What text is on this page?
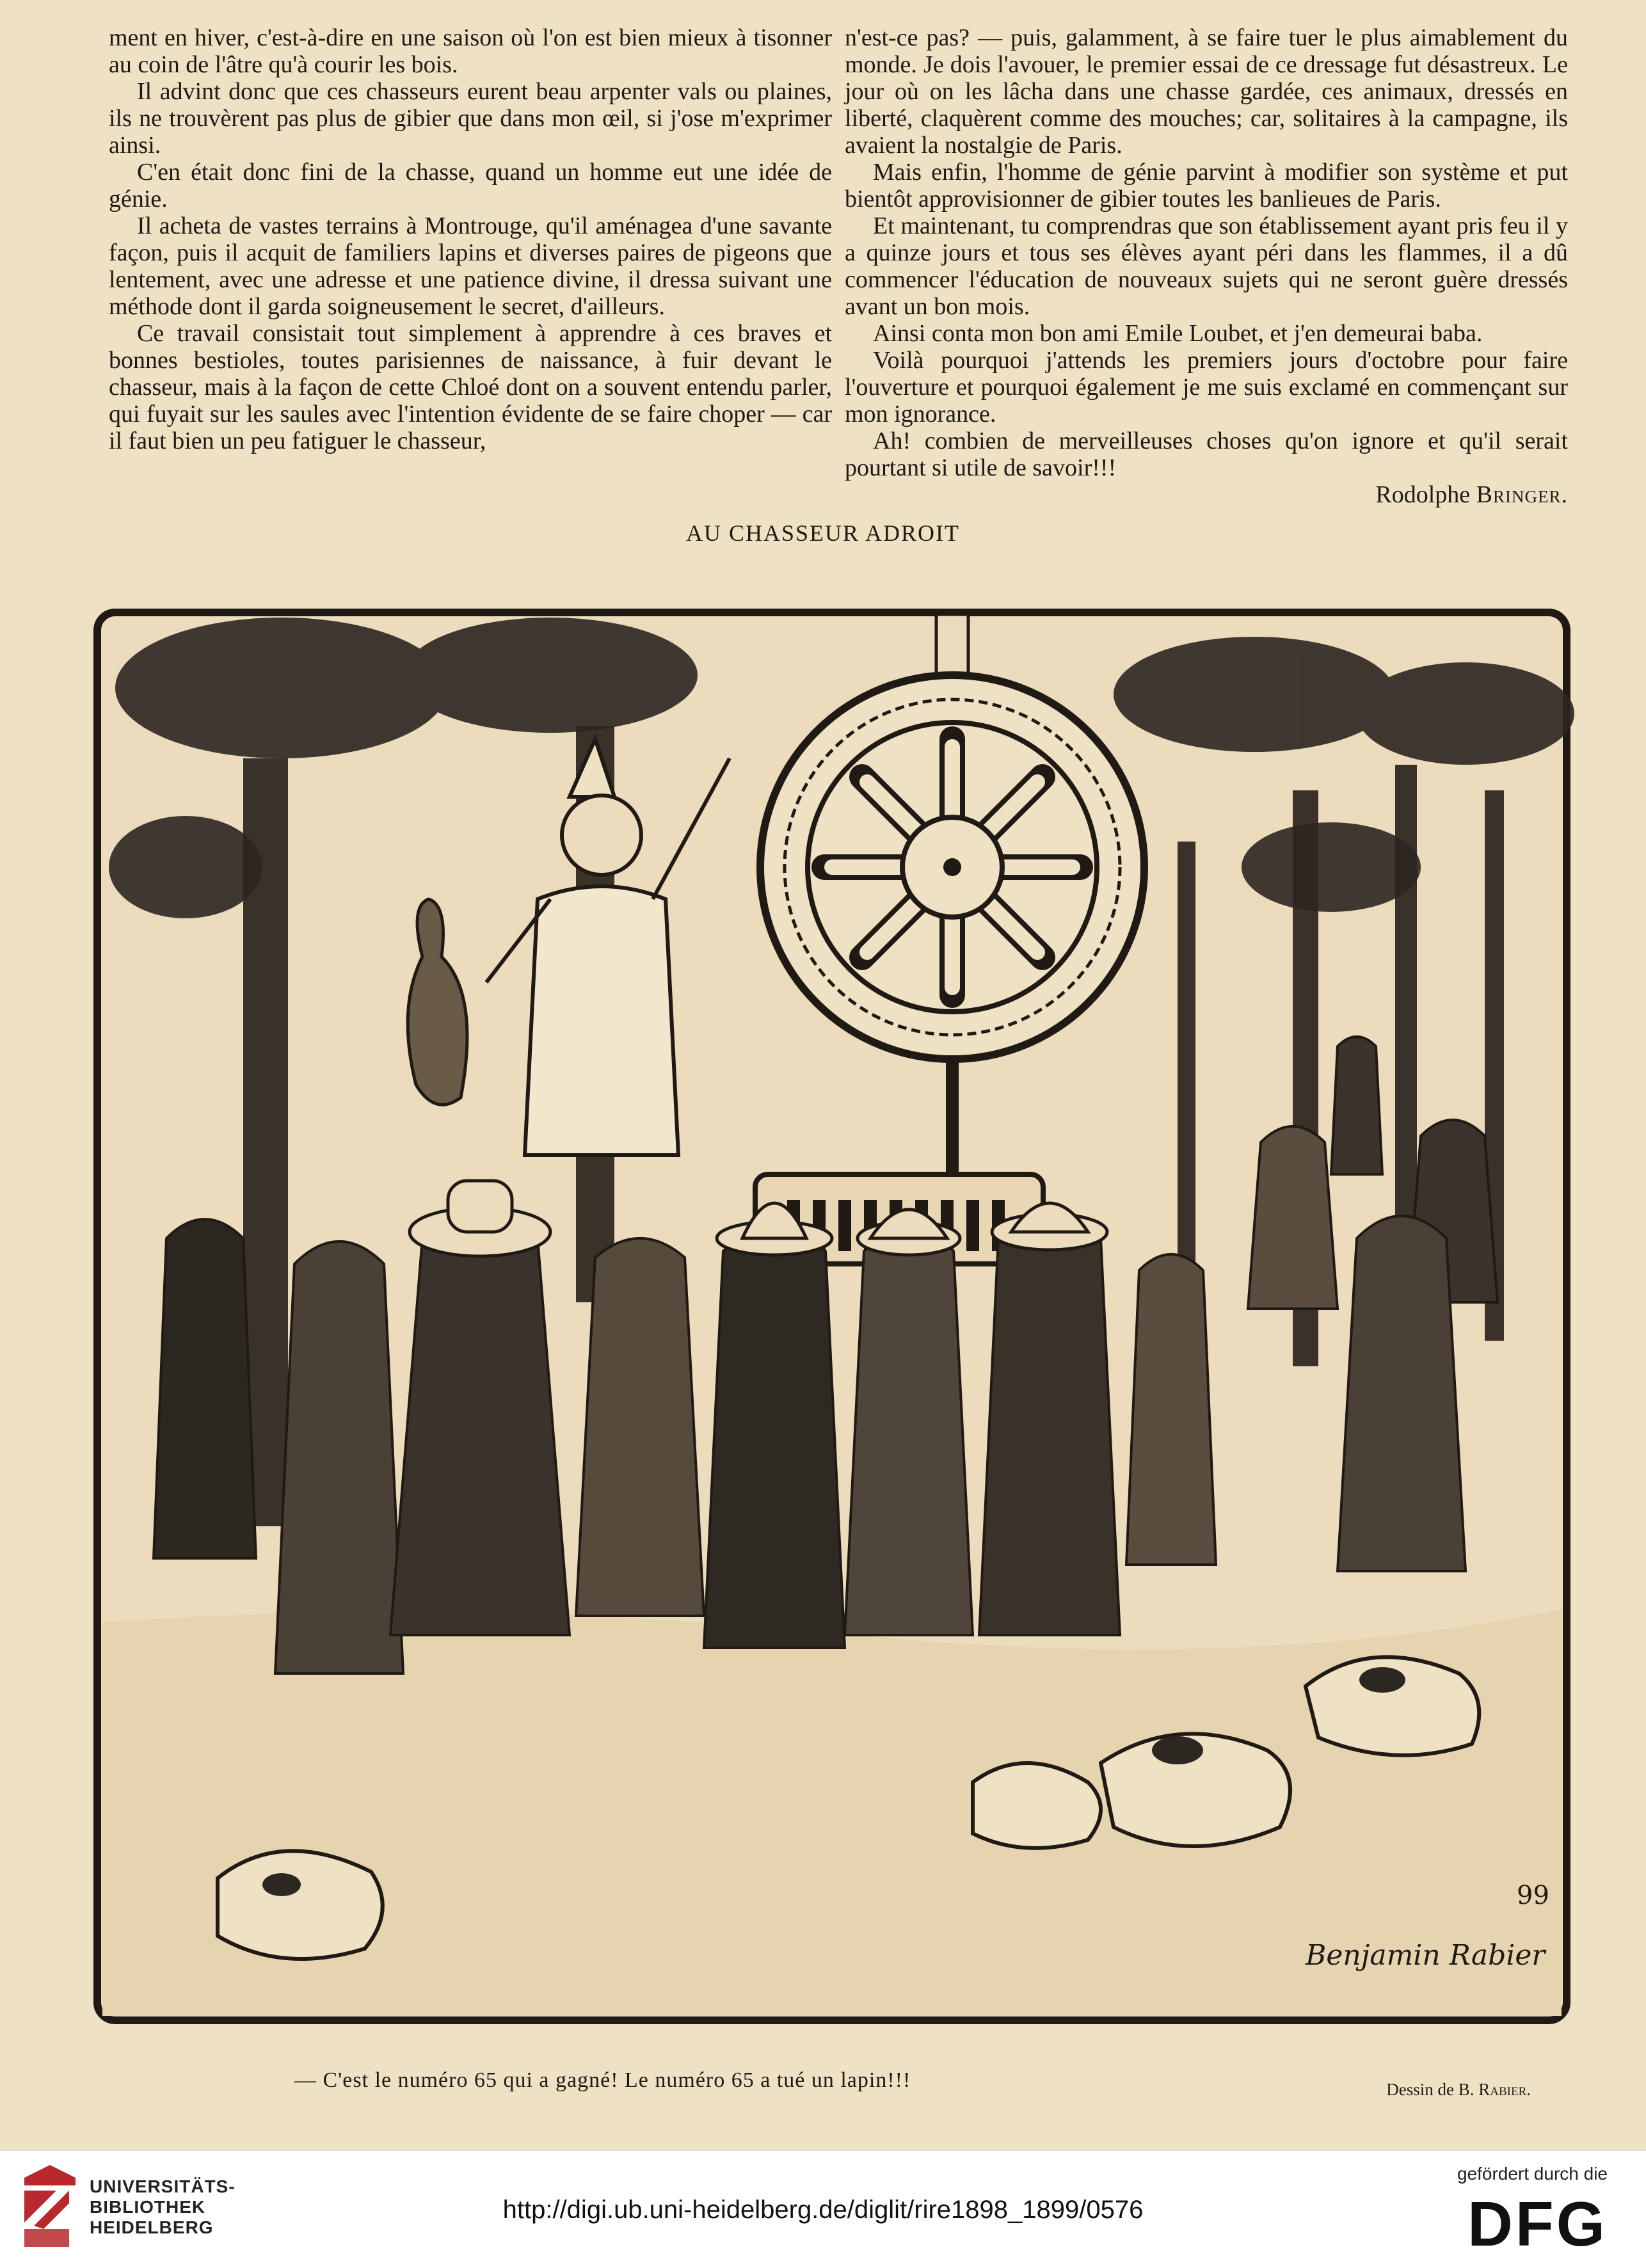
ment en hiver, c'est-à-dire en une saison où l'on est bien mieux à tisonner au coin de l'âtre qu'à courir les bois.

Il advint donc que ces chasseurs eurent beau arpenter vals ou plaines, ils ne trouvèrent pas plus de gibier que dans mon œil, si j'ose m'exprimer ainsi.

C'en était donc fini de la chasse, quand un homme eut une idée de génie.

Il acheta de vastes terrains à Montrouge, qu'il aménagea d'une savante façon, puis il acquit de familiers lapins et diverses paires de pigeons que lentement, avec une adresse et une patience divine, il dressa suivant une méthode dont il garda soigneusement le secret, d'ailleurs.

Ce travail consistait tout simplement à apprendre à ces braves et bonnes bestioles, toutes parisiennes de naissance, à fuir devant le chasseur, mais à la façon de cette Chloé dont on a souvent entendu parler, qui fuyait sur les saules avec l'intention évidente de se faire choper — car il faut bien un peu fatiguer le chasseur,

n'est-ce pas? — puis, galamment, à se faire tuer le plus aimablement du monde. Je dois l'avouer, le premier essai de ce dressage fut désastreux. Le jour où on les lâcha dans une chasse gardée, ces animaux, dressés en liberté, claquèrent comme des mouches; car, solitaires à la campagne, ils avaient la nostalgie de Paris.

Mais enfin, l'homme de génie parvint à modifier son système et put bientôt approvisionner de gibier toutes les banlieues de Paris.

Et maintenant, tu comprendras que son établissement ayant pris feu il y a quinze jours et tous ses élèves ayant péri dans les flammes, il a dû commencer l'éducation de nouveaux sujets qui ne seront guère dressés avant un bon mois.

Ainsi conta mon bon ami Emile Loubet, et j'en demeurai baba.

Voilà pourquoi j'attends les premiers jours d'octobre pour faire l'ouverture et pourquoi également je me suis exclamé en commençant sur mon ignorance.

Ah! combien de merveilleuses choses qu'on ignore et qu'il serait pourtant si utile de savoir!!!

Rodolphe Bringer.
AU CHASSEUR ADROIT
Benjamin Rabier
99
— C'est le numéro 65 qui a gagné! Le numéro 65 a tué un lapin!!!	Dessin de B. Rabier.
UNIVERSITÄTS-
BIBLIOTHEK
HEIDELBERG
http://digi.ub.uni-heidelberg.de/diglit/rire1898_1899/0576
gefördert durch die
DFG
